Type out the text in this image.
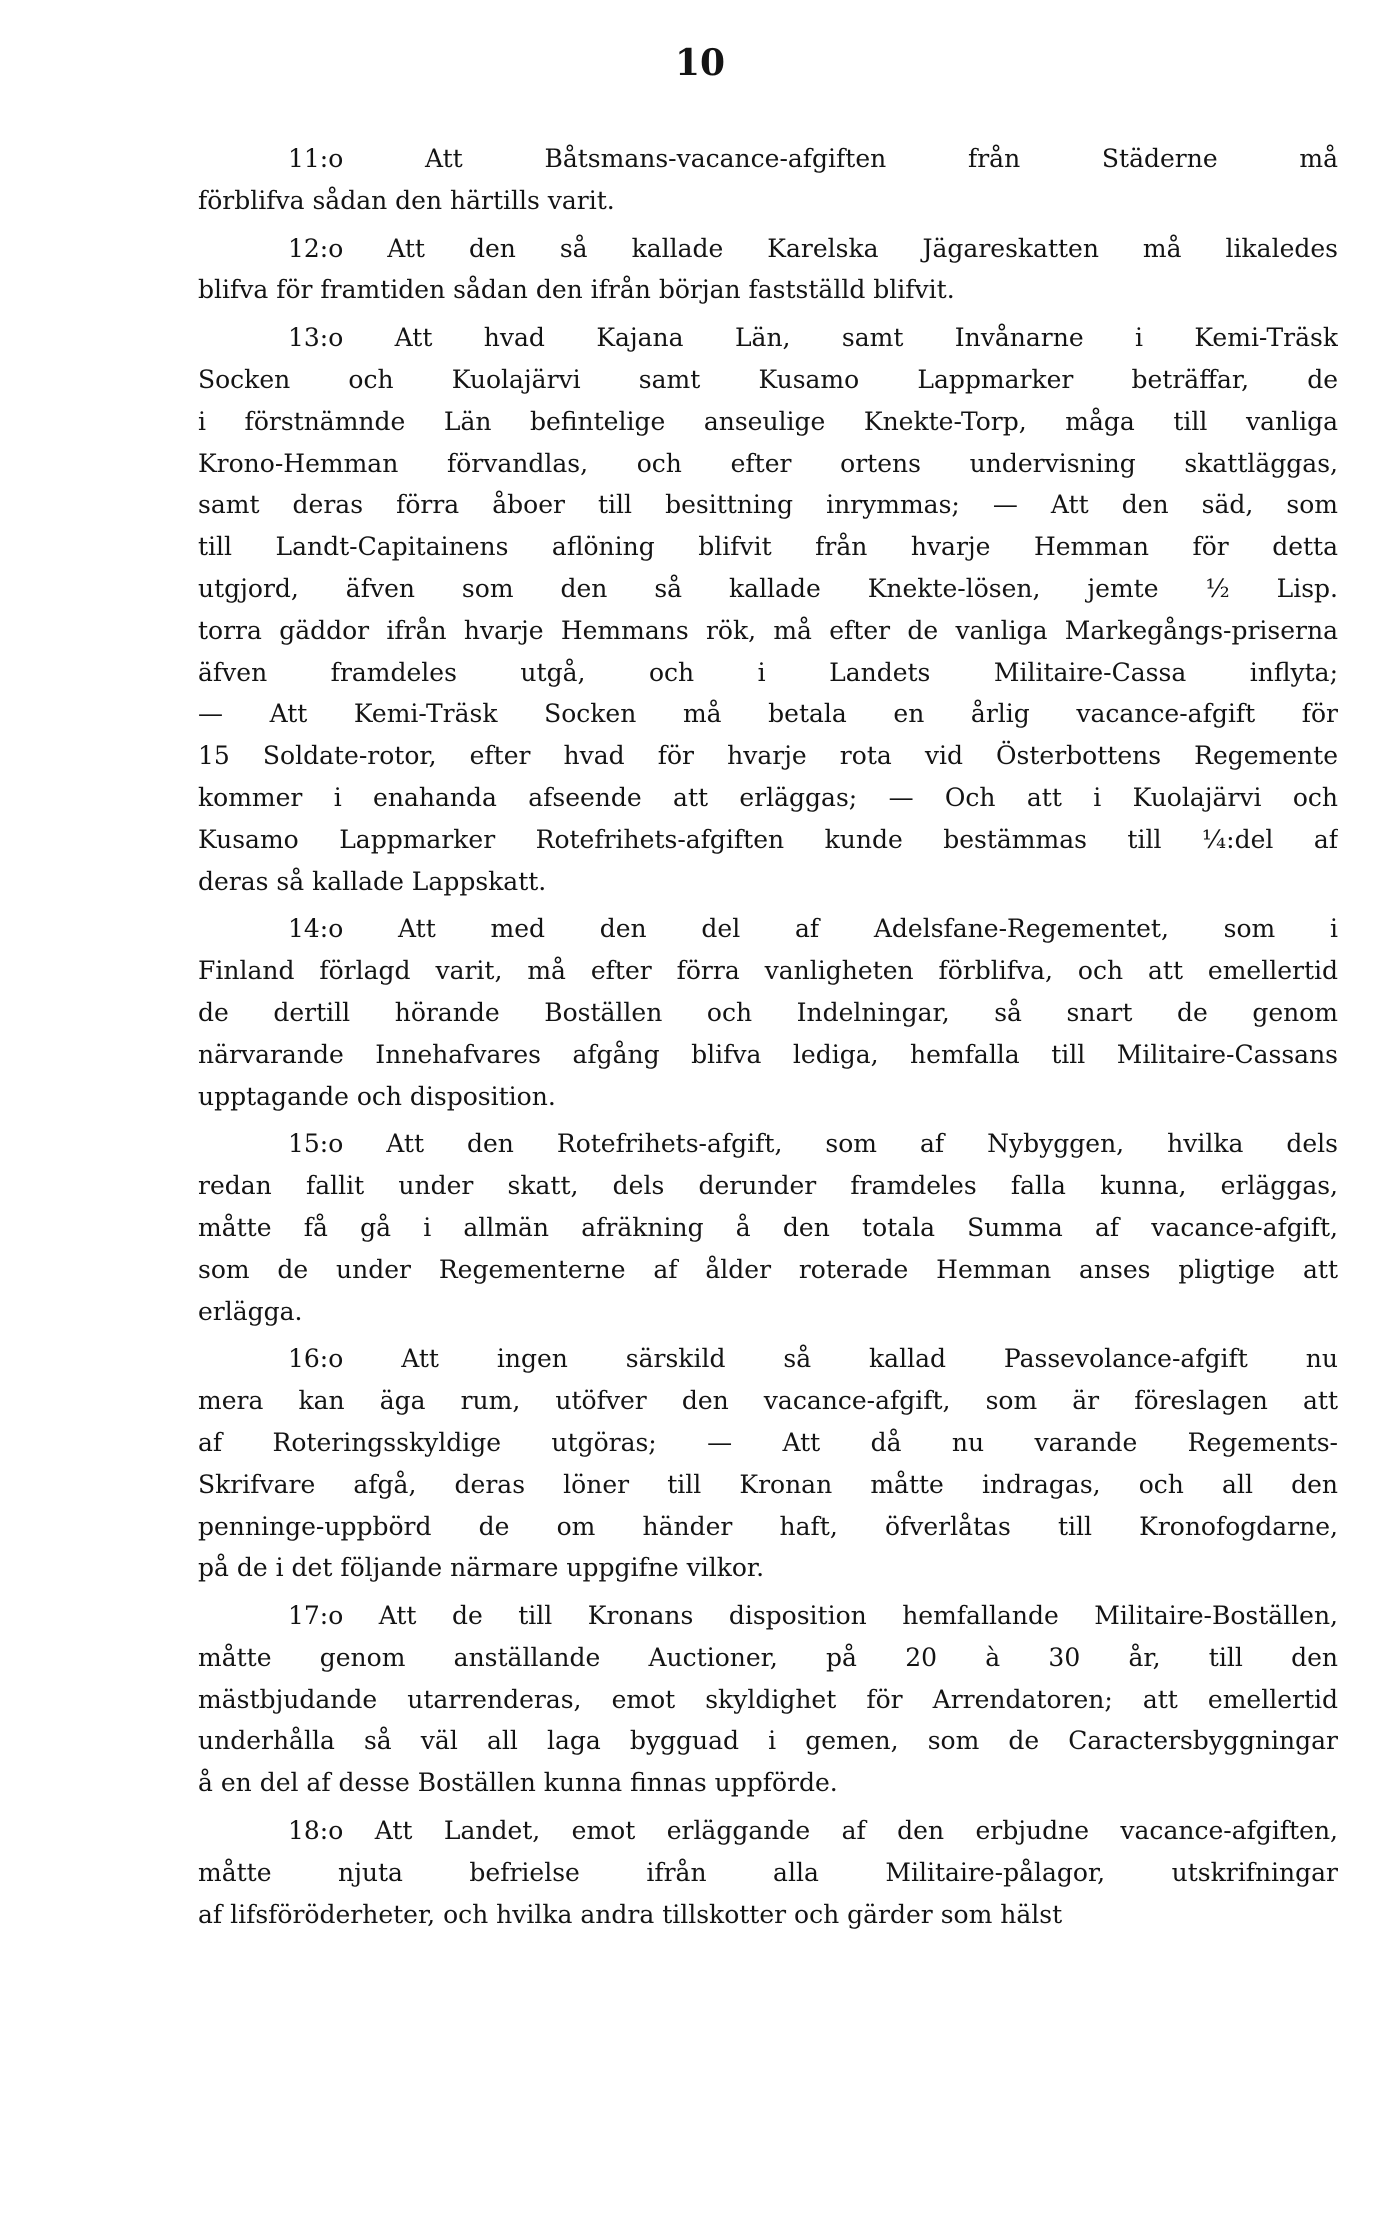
10
11:o Att Båtsmans-vacance-afgiften från Städerne må
förblifva sådan den härtills varit.
12:o Att den så kallade Karelska Jägareskatten må likaledes
blifva för framtiden sådan den ifrån början fastställd blifvit.
13:o Att hvad Kajana Län, samt Invånarne i Kemi-Träsk
Socken och Kuolajärvi samt Kusamo Lappmarker beträffar, de
i förstnämnde Län befintelige anseulige Knekte-Torp, måga till vanliga
Krono-Hemman förvandlas, och efter ortens undervisning skattläggas,
samt deras förra åboer till besittning inrymmas; — Att den säd, som
till Landt-Capitainens aflöning blifvit från hvarje Hemman för detta
utgjord, äfven som den så kallade Knekte-lösen, jemte ½ Lisp.
torra gäddor ifrån hvarje Hemmans rök, må efter de vanliga Markegångs-priserna
äfven framdeles utgå, och i Landets Militaire-Cassa inflyta;
— Att Kemi-Träsk Socken må betala en årlig vacance-afgift för
15 Soldate-rotor, efter hvad för hvarje rota vid Österbottens Regemente
kommer i enahanda afseende att erläggas; — Och att i Kuolajärvi och
Kusamo Lappmarker Rotefrihets-afgiften kunde bestämmas till ¼:del af
deras så kallade Lappskatt.
14:o Att med den del af Adelsfane-Regementet, som i
Finland förlagd varit, må efter förra vanligheten förblifva, och att emellertid
de dertill hörande Boställen och Indelningar, så snart de genom
närvarande Innehafvares afgång blifva lediga, hemfalla till Militaire-Cassans
upptagande och disposition.
15:o Att den Rotefrihets-afgift, som af Nybyggen, hvilka dels
redan fallit under skatt, dels derunder framdeles falla kunna, erläggas,
måtte få gå i allmän afräkning å den totala Summa af vacance-afgift,
som de under Regementerne af ålder roterade Hemman anses pligtige att
erlägga.
16:o Att ingen särskild så kallad Passevolance-afgift nu
mera kan äga rum, utöfver den vacance-afgift, som är föreslagen att
af Roteringsskyldige utgöras; — Att då nu varande Regements-
Skrifvare afgå, deras löner till Kronan måtte indragas, och all den
penninge-uppbörd de om händer haft, öfverlåtas till Kronofogdarne,
på de i det följande närmare uppgifne vilkor.
17:o Att de till Kronans disposition hemfallande Militaire-Boställen,
måtte genom anställande Auctioner, på 20 à 30 år, till den
mästbjudande utarrenderas, emot skyldighet för Arrendatoren; att emellertid
underhålla så väl all laga bygguad i gemen, som de Caractersbyggningar
å en del af desse Boställen kunna finnas uppförde.
18:o Att Landet, emot erläggande af den erbjudne vacance-afgiften,
måtte njuta befrielse ifrån alla Militaire-pålagor, utskrifningar
af lifsföröderheter, och hvilka andra tillskotter och gärder som hälst
